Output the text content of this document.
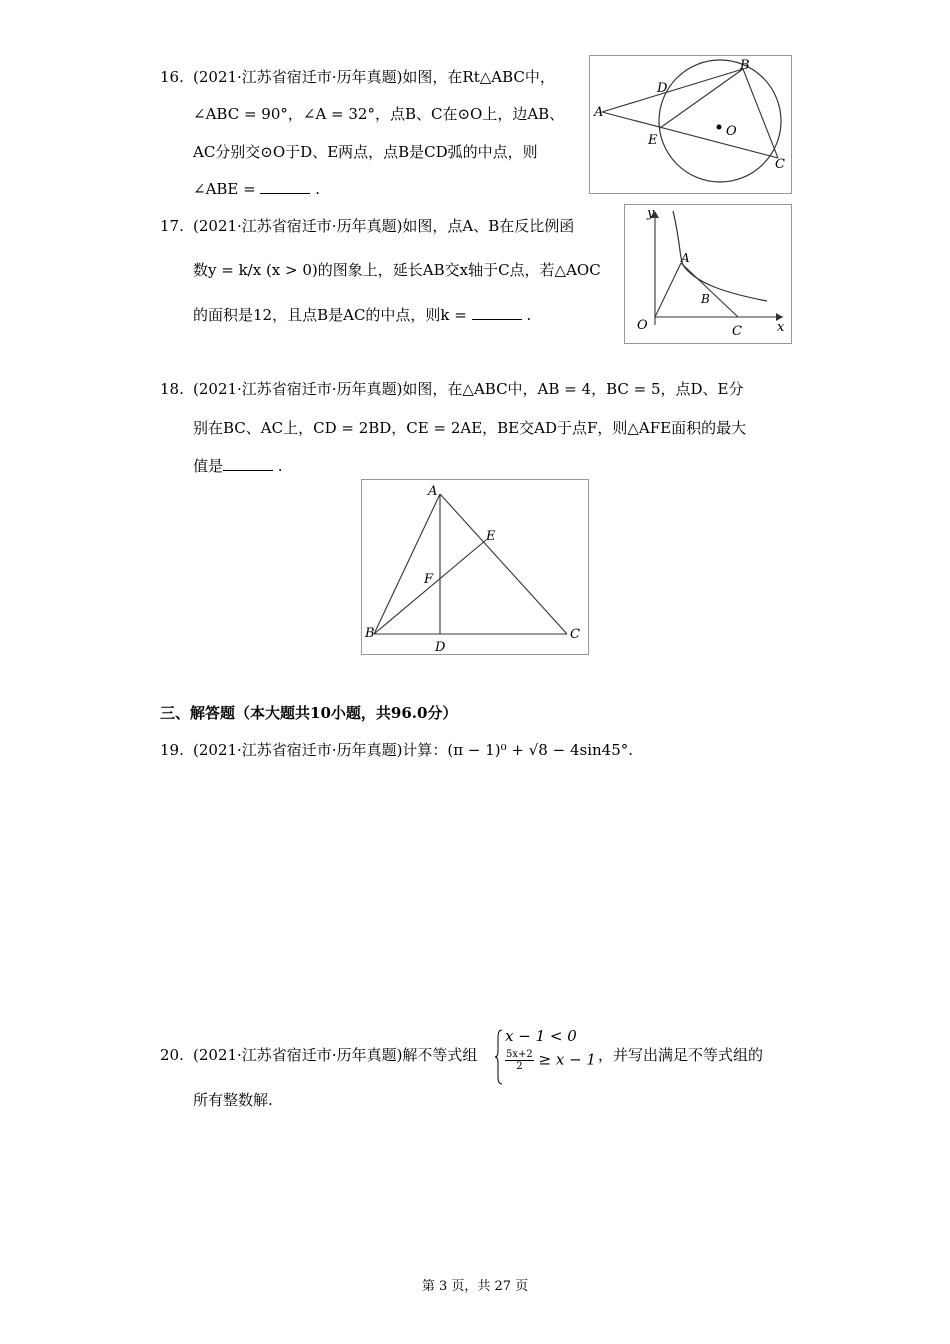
16. (2021·江苏省宿迁市·历年真题)如图，在Rt△ABC中，
∠ABC = 90°，∠A = 32°，点B、C在⊙O上，边AB、
AC分别交⊙O于D、E两点，点B是CD弧的中点，则
∠ABE =	.
A
B
C
D
E
O
17. (2021·江苏省宿迁市·历年真题)如图，点A、B在反比例函
数y = k/x (x > 0)的图象上，延长AB交x轴于C点，若△AOC
的面积是12，且点B是AC的中点，则k =	.
y
A
B
O	C	x
18. (2021·江苏省宿迁市·历年真题)如图，在△ABC中，AB = 4，BC = 5，点D、E分
别在BC、AC上，CD = 2BD，CE = 2AE，BE交AD于点F，则△AFE面积的最大
值是	.
A
E
F
B
D
C
三、解答题（本大题共10小题，共96.0分）
19. (2021·江苏省宿迁市·历年真题)计算：(π − 1)⁰ + √8 − 4sin45°.
20. (2021·江苏省宿迁市·历年真题)解不等式组
x − 1 < 0
$\frac{5x+2}{2} \ge x - 1$ ，并写出满足不等式组的
所有整数解.
第 3 页，共 27 页
